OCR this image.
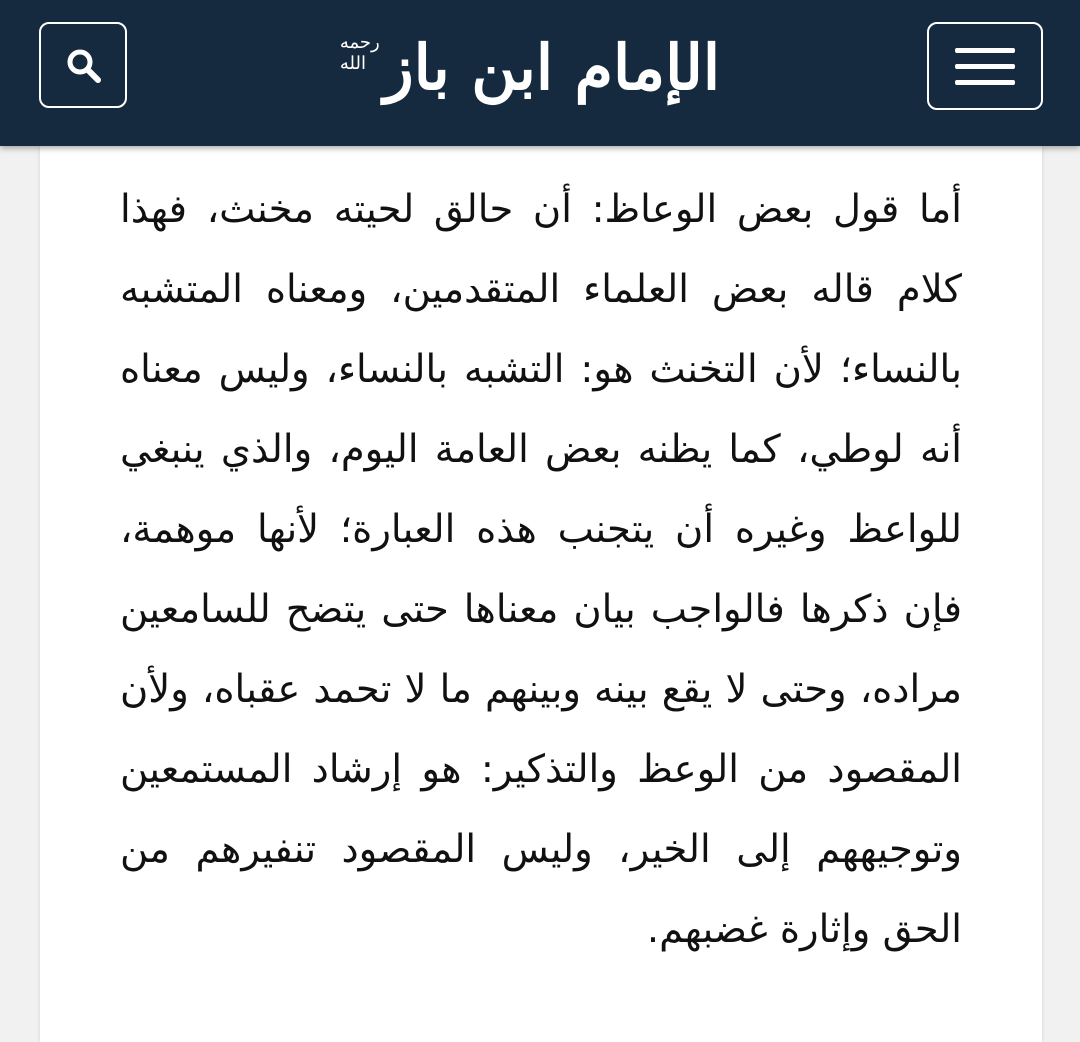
رحمه الله الإمام ابن باز

أما قول بعض الوعاظ: أن حالق لحيته مخنث، فهذا كلام قاله بعض العلماء المتقدمين، ومعناه المتشبه بالنساء؛ لأن التخنث هو: التشبه بالنساء، وليس معناه أنه لوطي، كما يظنه بعض العامة اليوم، والذي ينبغي للواعظ وغيره أن يتجنب هذه العبارة؛ لأنها موهمة، فإن ذكرها فالواجب بيان معناها حتى يتضح للسامعين مراده، وحتى لا يقع بينه وبينهم ما لا تحمد عقباه، ولأن المقصود من الوعظ والتذكير: هو إرشاد المستمعين وتوجيههم إلى الخير، وليس المقصود تنفيرهم من الحق وإثارة غضبهم.
